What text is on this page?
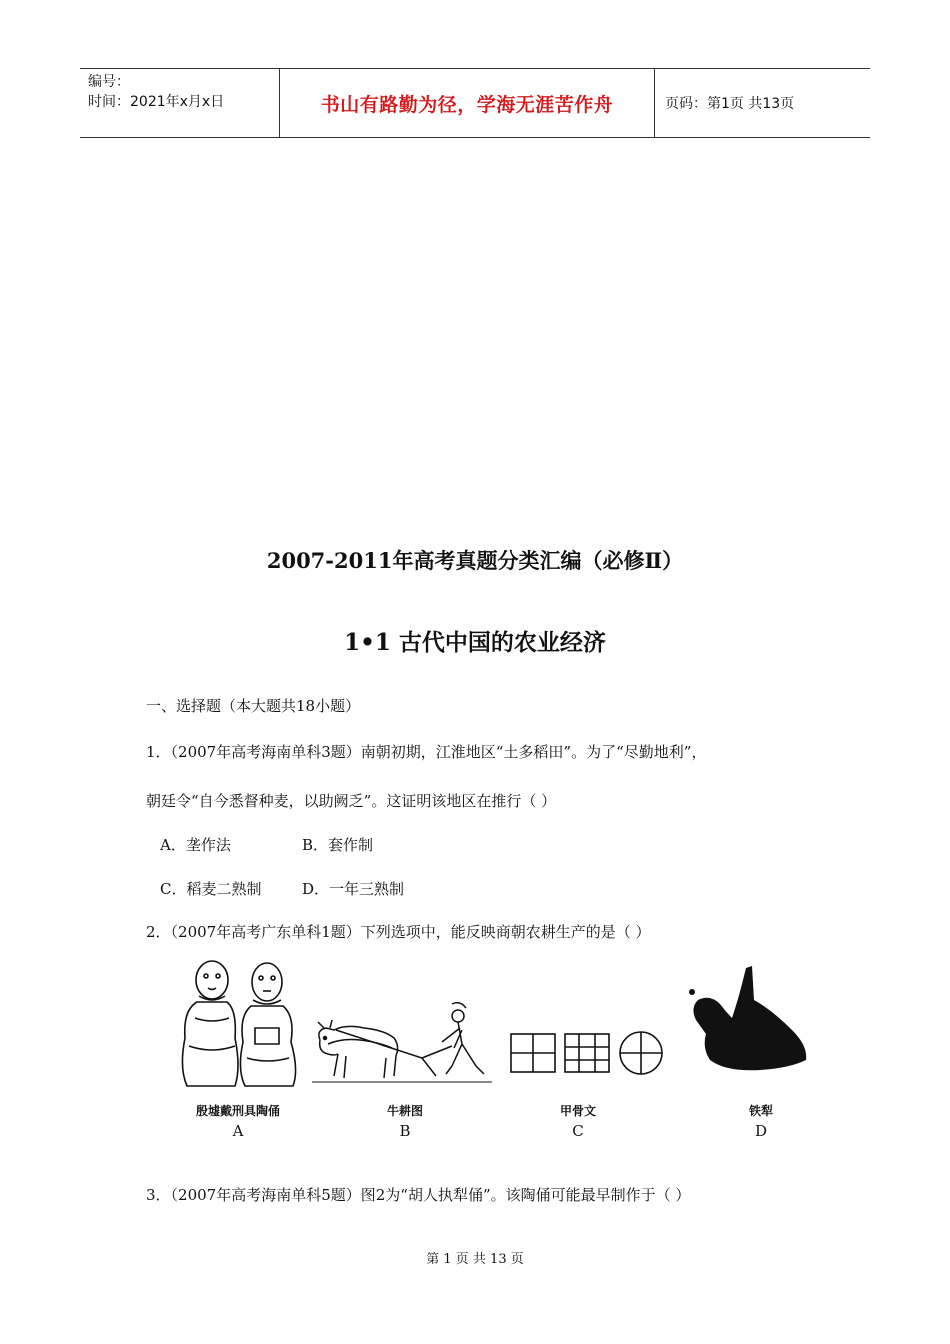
编号：
时间：2021年x月x日	书山有路勤为径，学海无涯苦作舟	页码：第1页 共13页
2007-2011年高考真题分类汇编（必修Ⅱ）
1•1 古代中国的农业经济
一、选择题（本大题共18小题）
1．（2007年高考海南单科3题）南朝初期，江淮地区“土多稻田”。为了“尽勤地利”，
朝廷令“自今悉督种麦，以助阙乏”。这证明该地区在推行（ ）
A．垄作法	B．套作制
C．稻麦二熟制	D．一年三熟制
2．（2007年高考广东单科1题）下列选项中，能反映商朝农耕生产的是（ ）
殷墟戴刑具陶俑
A
牛耕图
B
甲骨文
C
铁犁
D
3．（2007年高考海南单科5题）图2为“胡人执犁俑”。该陶俑可能最早制作于（ ）
第 1 页 共 13 页
